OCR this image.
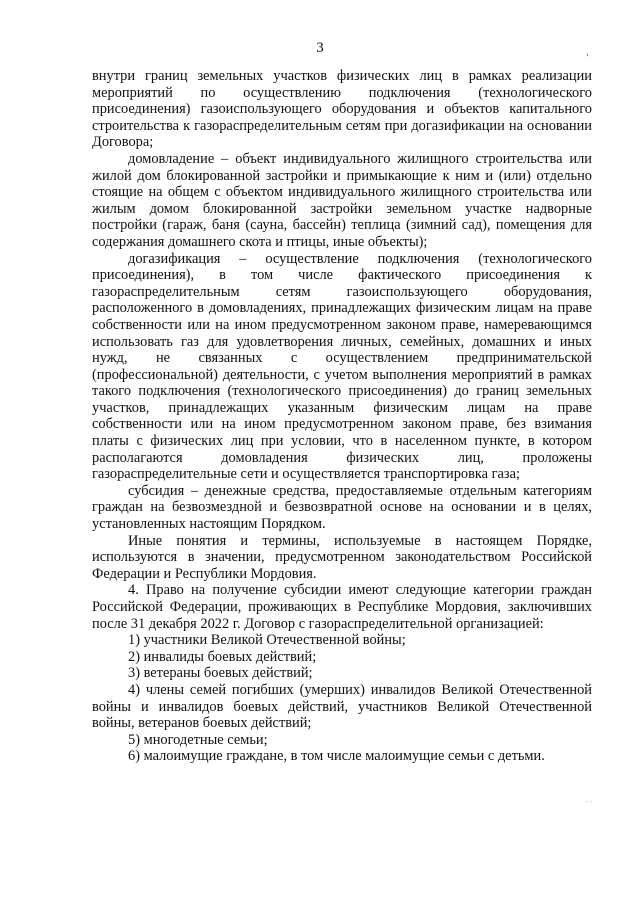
3	›

внутри границ земельных участков физических лиц в рамках реализации мероприятий по осуществлению подключения (технологического присоединения) газоиспользующего оборудования и объектов капитального строительства к газораспределительным сетям при догазификации на основании Договора;

домовладение – объект индивидуального жилищного строительства или жилой дом блокированной застройки и примыкающие к ним и (или) отдельно стоящие на общем с объектом индивидуального жилищного строительства или жилым домом блокированной застройки земельном участке надворные постройки (гараж, баня (сауна, бассейн) теплица (зимний сад), помещения для содержания домашнего скота и птицы, иные объекты);

догазификация – осуществление подключения (технологического присоединения), в том числе фактического присоединения к газораспределительным сетям газоиспользующего оборудования, расположенного в домовладениях, принадлежащих физическим лицам на праве собственности или на ином предусмотренном законом праве, намеревающимся использовать газ для удовлетворения личных, семейных, домашних и иных нужд, не связанных с осуществлением предпринимательской (профессиональной) деятельности, с учетом выполнения мероприятий в рамках такого подключения (технологического присоединения) до границ земельных участков, принадлежащих указанным физическим лицам на праве собственности или на ином предусмотренном законом праве, без взимания платы с физических лиц при условии, что в населенном пункте, в котором располагаются домовладения физических лиц, проложены газораспределительные сети и осуществляется транспортировка газа;

субсидия – денежные средства, предоставляемые отдельным категориям граждан на безвозмездной и безвозвратной основе на основании и в целях, установленных настоящим Порядком.

Иные понятия и термины, используемые в настоящем Порядке, используются в значении, предусмотренном законодательством Российской Федерации и Республики Мордовия.

4. Право на получение субсидии имеют следующие категории граждан Российской Федерации, проживающих в Республике Мордовия, заключивших после 31 декабря 2022 г. Договор с газораспределительной организацией:

1) участники Великой Отечественной войны;

2) инвалиды боевых действий;

3) ветераны боевых действий;

4) члены семей погибших (умерших) инвалидов Великой Отечественной войны и инвалидов боевых действий, участников Великой Отечественной войны, ветеранов боевых действий;

5) многодетные семьи;

6) малоимущие граждане, в том числе малоимущие семьи с детьми.

· ·
